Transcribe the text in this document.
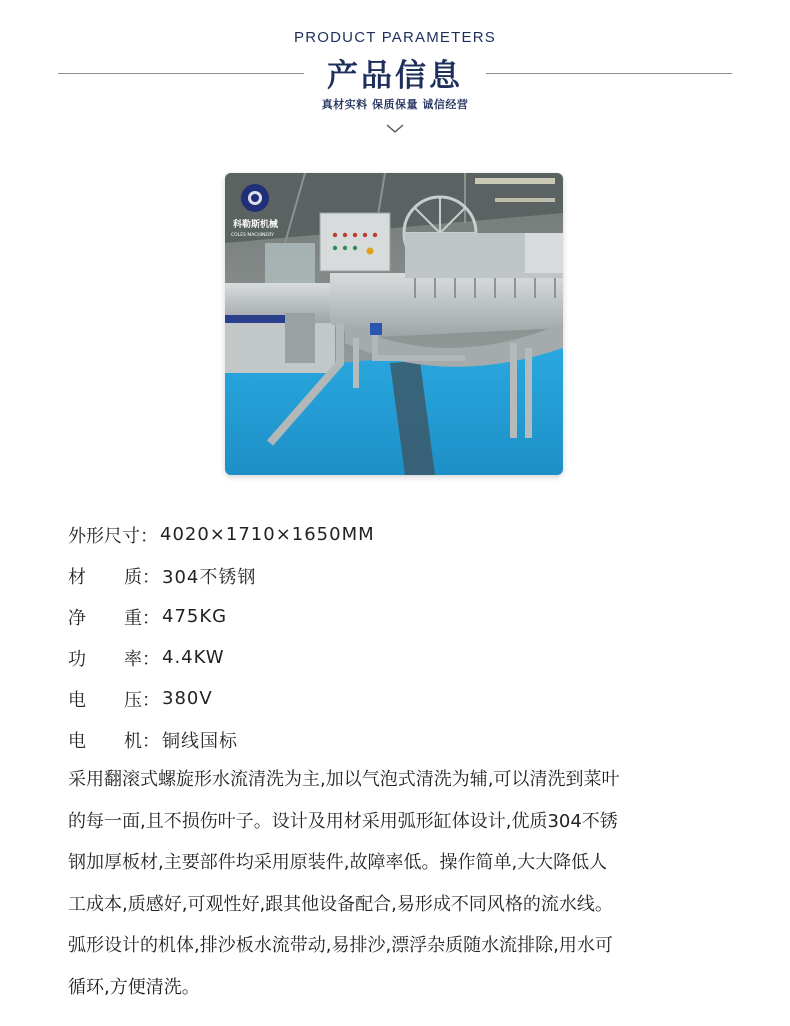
PRODUCT PARAMETERS
产品信息
真材实料 保质保量 诚信经营
科勒斯机械
COLES MACHINERY
外形尺寸 ： 4020×1710×1650MM
材 质 ： 304不锈钢
净 重 ： 475KG
功 率 ： 4.4KW
电 压 ： 380V
电 机 ： 铜线国标
采用翻滚式螺旋形水流清洗为主,加以气泡式清洗为辅,可以清洗到菜叶
的每一面,且不损伤叶子。设计及用材采用弧形缸体设计,优质304不锈
钢加厚板材,主要部件均采用原装件,故障率低。操作简单,大大降低人
工成本,质感好,可观性好,跟其他设备配合,易形成不同风格的流水线。
弧形设计的机体,排沙板水流带动,易排沙,漂浮杂质随水流排除,用水可
循环,方便清洗。
